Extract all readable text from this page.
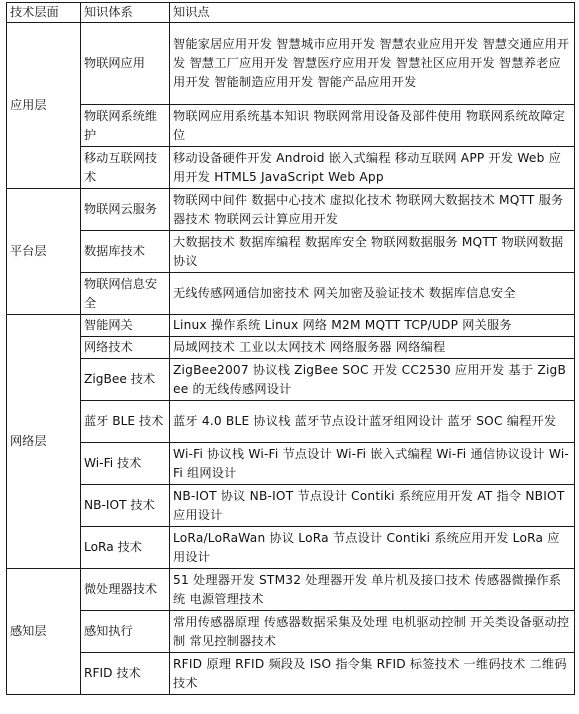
技术层面	知识体系	知识点
应用层	物联网应用	智能家居应用开发 智慧城市应用开发 智慧农业应用开发 智慧交通应用开发 智慧工厂应用开发 智慧医疗应用开发 智慧社区应用开发 智慧养老应用开发 智能制造应用开发 智能产品应用开发
	物联网系统维护	物联网应用系统基本知识 物联网常用设备及部件使用 物联网系统故障定位
	移动互联网技术	移动设备硬件开发 Android 嵌入式编程 移动互联网 APP 开发 Web 应用开发 HTML5 JavaScript Web App
平台层	物联网云服务	物联网中间件 数据中心技术 虚拟化技术 物联网大数据技术 MQTT 服务器技术 物联网云计算应用开发
	数据库技术	大数据技术 数据库编程 数据库安全 物联网数据服务 MQTT 物联网数据协议
	物联网信息安全	无线传感网通信加密技术 网关加密及验证技术 数据库信息安全
网络层	智能网关	Linux 操作系统 Linux 网络 M2M MQTT TCP/UDP 网关服务
	网络技术	局域网技术 工业以太网技术 网络服务器 网络编程
	ZigBee 技术	ZigBee2007 协议栈 ZigBee SOC 开发 CC2530 应用开发 基于 ZigBee 的无线传感网设计
	蓝牙 BLE 技术	蓝牙 4.0 BLE 协议栈 蓝牙节点设计蓝牙组网设计 蓝牙 SOC 编程开发
	Wi-Fi 技术	Wi-Fi 协议栈 Wi-Fi 节点设计 Wi-Fi 嵌入式编程 Wi-Fi 通信协议设计 Wi-Fi 组网设计
	NB-IOT 技术	NB-IOT 协议 NB-IOT 节点设计 Contiki 系统应用开发 AT 指令 NBIOT 应用设计
	LoRa 技术	LoRa/LoRaWan 协议 LoRa 节点设计 Contiki 系统应用开发 LoRa 应用设计
感知层	微处理器技术	51 处理器开发 STM32 处理器开发 单片机及接口技术 传感器微操作系统 电源管理技术
	感知执行	常用传感器原理 传感器数据采集及处理 电机驱动控制 开关类设备驱动控制 常见控制器技术
	RFID 技术	RFID 原理 RFID 频段及 ISO 指令集 RFID 标签技术 一维码技术 二维码技术
